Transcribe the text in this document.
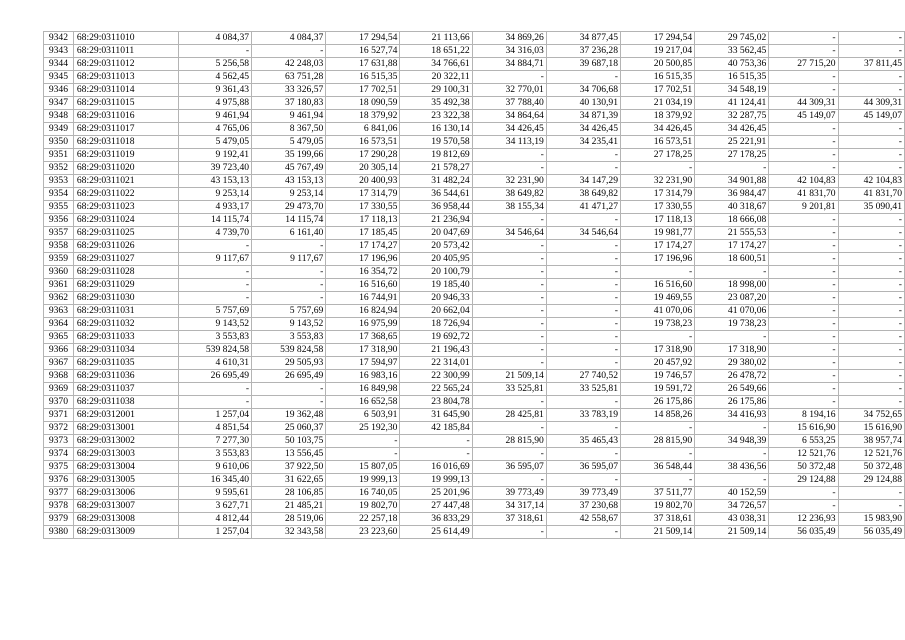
9342	68:29:0311010	4 084,37	4 084,37	17 294,54	21 113,66	34 869,26	34 877,45	17 294,54	29 745,02	-	-
9343	68:29:0311011	-	-	16 527,74	18 651,22	34 316,03	37 236,28	19 217,04	33 562,45	-	-
9344	68:29:0311012	5 256,58	42 248,03	17 631,88	34 766,61	34 884,71	39 687,18	20 500,85	40 753,36	27 715,20	37 811,45
9345	68:29:0311013	4 562,45	63 751,28	16 515,35	20 322,11	-	-	16 515,35	16 515,35	-	-
9346	68:29:0311014	9 361,43	33 326,57	17 702,51	29 100,31	32 770,01	34 706,68	17 702,51	34 548,19	-	-
9347	68:29:0311015	4 975,88	37 180,83	18 090,59	35 492,38	37 788,40	40 130,91	21 034,19	41 124,41	44 309,31	44 309,31
9348	68:29:0311016	9 461,94	9 461,94	18 379,92	23 322,38	34 864,64	34 871,39	18 379,92	32 287,75	45 149,07	45 149,07
9349	68:29:0311017	4 765,06	8 367,50	6 841,06	16 130,14	34 426,45	34 426,45	34 426,45	34 426,45	-	-
9350	68:29:0311018	5 479,05	5 479,05	16 573,51	19 570,58	34 113,19	34 235,41	16 573,51	25 221,91	-	-
9351	68:29:0311019	9 192,41	35 199,66	17 290,28	19 812,69	-	-	27 178,25	27 178,25	-	-
9352	68:29:0311020	39 723,40	45 767,49	20 305,14	21 578,27	-	-	-	-	-	-
9353	68:29:0311021	43 153,13	43 153,13	20 400,93	31 482,24	32 231,90	34 147,29	32 231,90	34 901,88	42 104,83	42 104,83
9354	68:29:0311022	9 253,14	9 253,14	17 314,79	36 544,61	38 649,82	38 649,82	17 314,79	36 984,47	41 831,70	41 831,70
9355	68:29:0311023	4 933,17	29 473,70	17 330,55	36 958,44	38 155,34	41 471,27	17 330,55	40 318,67	9 201,81	35 090,41
9356	68:29:0311024	14 115,74	14 115,74	17 118,13	21 236,94	-	-	17 118,13	18 666,08	-	-
9357	68:29:0311025	4 739,70	6 161,40	17 185,45	20 047,69	34 546,64	34 546,64	19 981,77	21 555,53	-	-
9358	68:29:0311026	-	-	17 174,27	20 573,42	-	-	17 174,27	17 174,27	-	-
9359	68:29:0311027	9 117,67	9 117,67	17 196,96	20 405,95	-	-	17 196,96	18 600,51	-	-
9360	68:29:0311028	-	-	16 354,72	20 100,79	-	-	-	-	-	-
9361	68:29:0311029	-	-	16 516,60	19 185,40	-	-	16 516,60	18 998,00	-	-
9362	68:29:0311030	-	-	16 744,91	20 946,33	-	-	19 469,55	23 087,20	-	-
9363	68:29:0311031	5 757,69	5 757,69	16 824,94	20 662,04	-	-	41 070,06	41 070,06	-	-
9364	68:29:0311032	9 143,52	9 143,52	16 975,99	18 726,94	-	-	19 738,23	19 738,23	-	-
9365	68:29:0311033	3 553,83	3 553,83	17 368,65	19 692,72	-	-	-	-	-	-
9366	68:29:0311034	539 824,58	539 824,58	17 318,90	21 196,43	-	-	17 318,90	17 318,90	-	-
9367	68:29:0311035	4 610,31	29 505,93	17 594,97	22 314,01	-	-	20 457,92	29 380,02	-	-
9368	68:29:0311036	26 695,49	26 695,49	16 983,16	22 300,99	21 509,14	27 740,52	19 746,57	26 478,72	-	-
9369	68:29:0311037	-	-	16 849,98	22 565,24	33 525,81	33 525,81	19 591,72	26 549,66	-	-
9370	68:29:0311038	-	-	16 652,58	23 804,78	-	-	26 175,86	26 175,86	-	-
9371	68:29:0312001	1 257,04	19 362,48	6 503,91	31 645,90	28 425,81	33 783,19	14 858,26	34 416,93	8 194,16	34 752,65
9372	68:29:0313001	4 851,54	25 060,37	25 192,30	42 185,84	-	-	-	-	15 616,90	15 616,90
9373	68:29:0313002	7 277,30	50 103,75	-	-	28 815,90	35 465,43	28 815,90	34 948,39	6 553,25	38 957,74
9374	68:29:0313003	3 553,83	13 556,45	-	-	-	-	-	-	12 521,76	12 521,76
9375	68:29:0313004	9 610,06	37 922,50	15 807,05	16 016,69	36 595,07	36 595,07	36 548,44	38 436,56	50 372,48	50 372,48
9376	68:29:0313005	16 345,40	31 622,65	19 999,13	19 999,13	-	-	-	-	29 124,88	29 124,88
9377	68:29:0313006	9 595,61	28 106,85	16 740,05	25 201,96	39 773,49	39 773,49	37 511,77	40 152,59	-	-
9378	68:29:0313007	3 627,71	21 485,21	19 802,70	27 447,48	34 317,14	37 230,68	19 802,70	34 726,57	-	-
9379	68:29:0313008	4 812,44	28 519,06	22 257,18	36 833,29	37 318,61	42 558,67	37 318,61	43 038,31	12 236,93	15 983,90
9380	68:29:0313009	1 257,04	32 343,58	23 223,60	25 614,49	-	-	21 509,14	21 509,14	56 035,49	56 035,49
